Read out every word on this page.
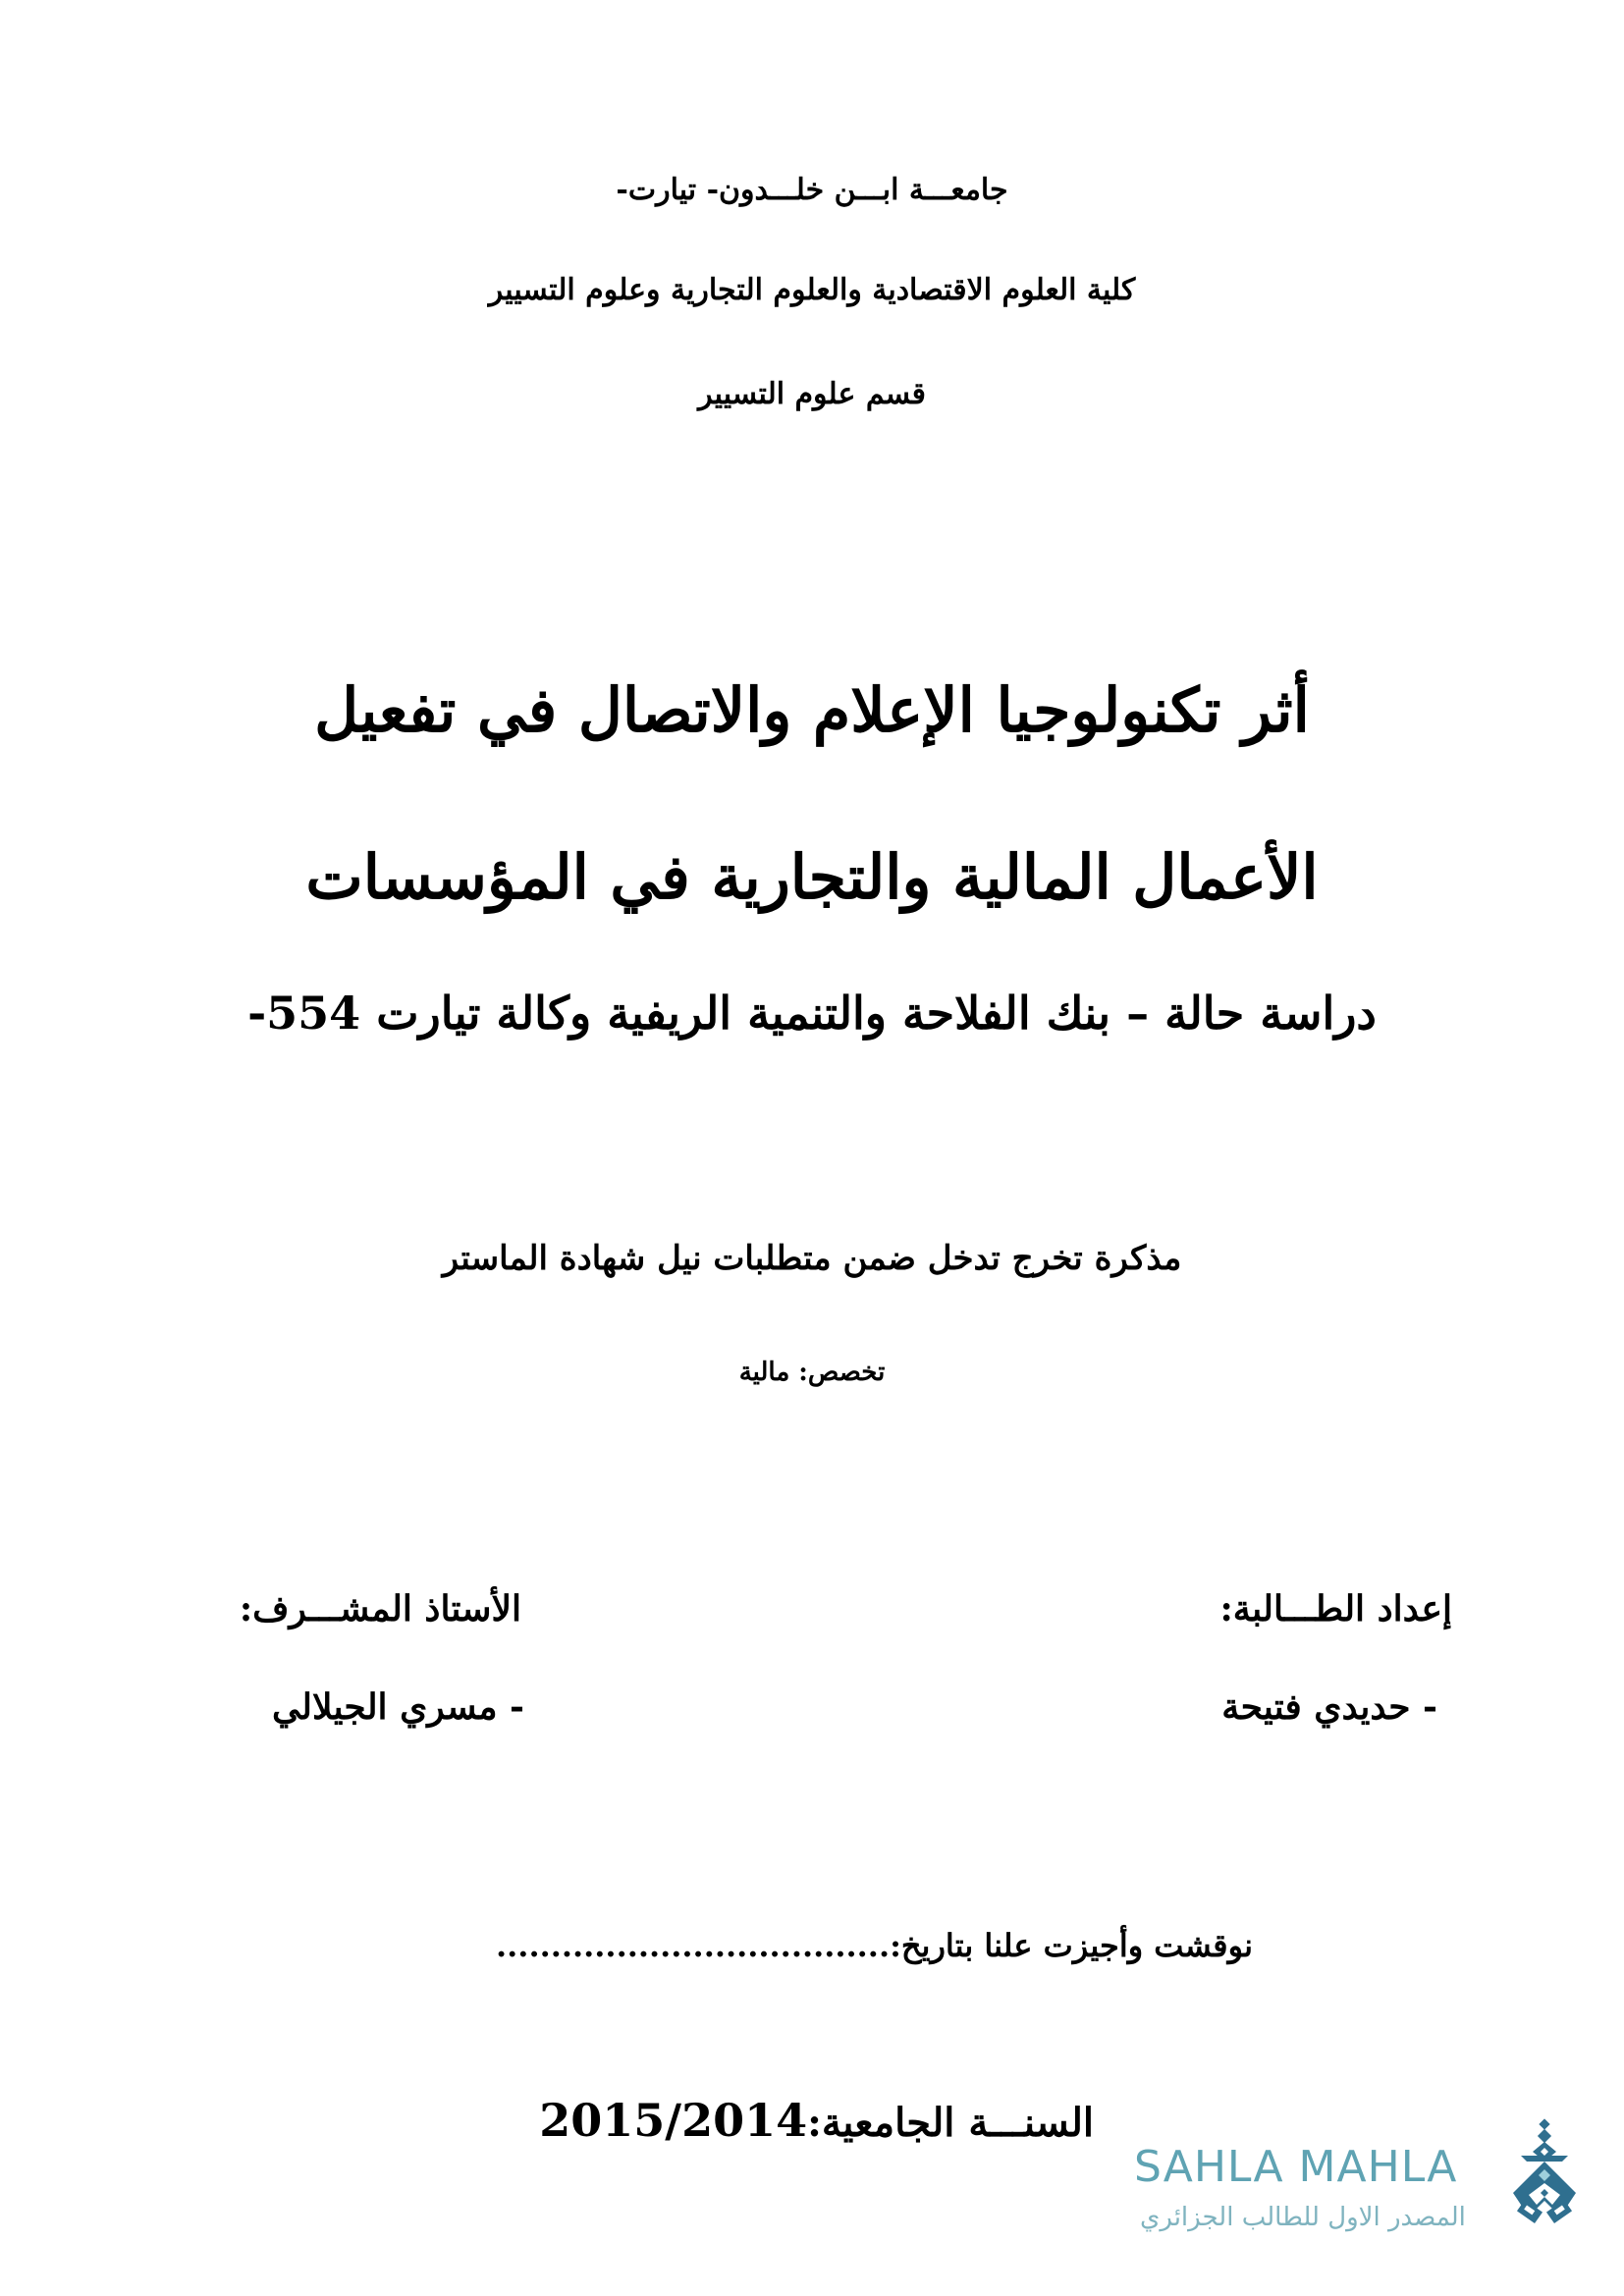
جامعـــة ابـــن خلـــدون- تيارت-
كلية العلوم الاقتصادية والعلوم التجارية وعلوم التسيير
قسم علوم التسيير
أثر تكنولوجيا الإعلام والاتصال في تفعيل
الأعمال المالية والتجارية في المؤسسات
دراسة حالة – بنك الفلاحة والتنمية الريفية وكالة تيارت 554-
مذكرة تخرج تدخل ضمن متطلبات نيل شهادة الماستر
تخصص: مالية
إعداد الطـــالبة:
- حديدي فتيحة
الأستاذ المشـــرف:
- مسري الجيلالي
نوقشت وأجيزت علنا بتاريخ:....................................
السنـــة الجامعية:2015/2014
SAHLA MAHLA
المصدر الاول للطالب الجزائري
